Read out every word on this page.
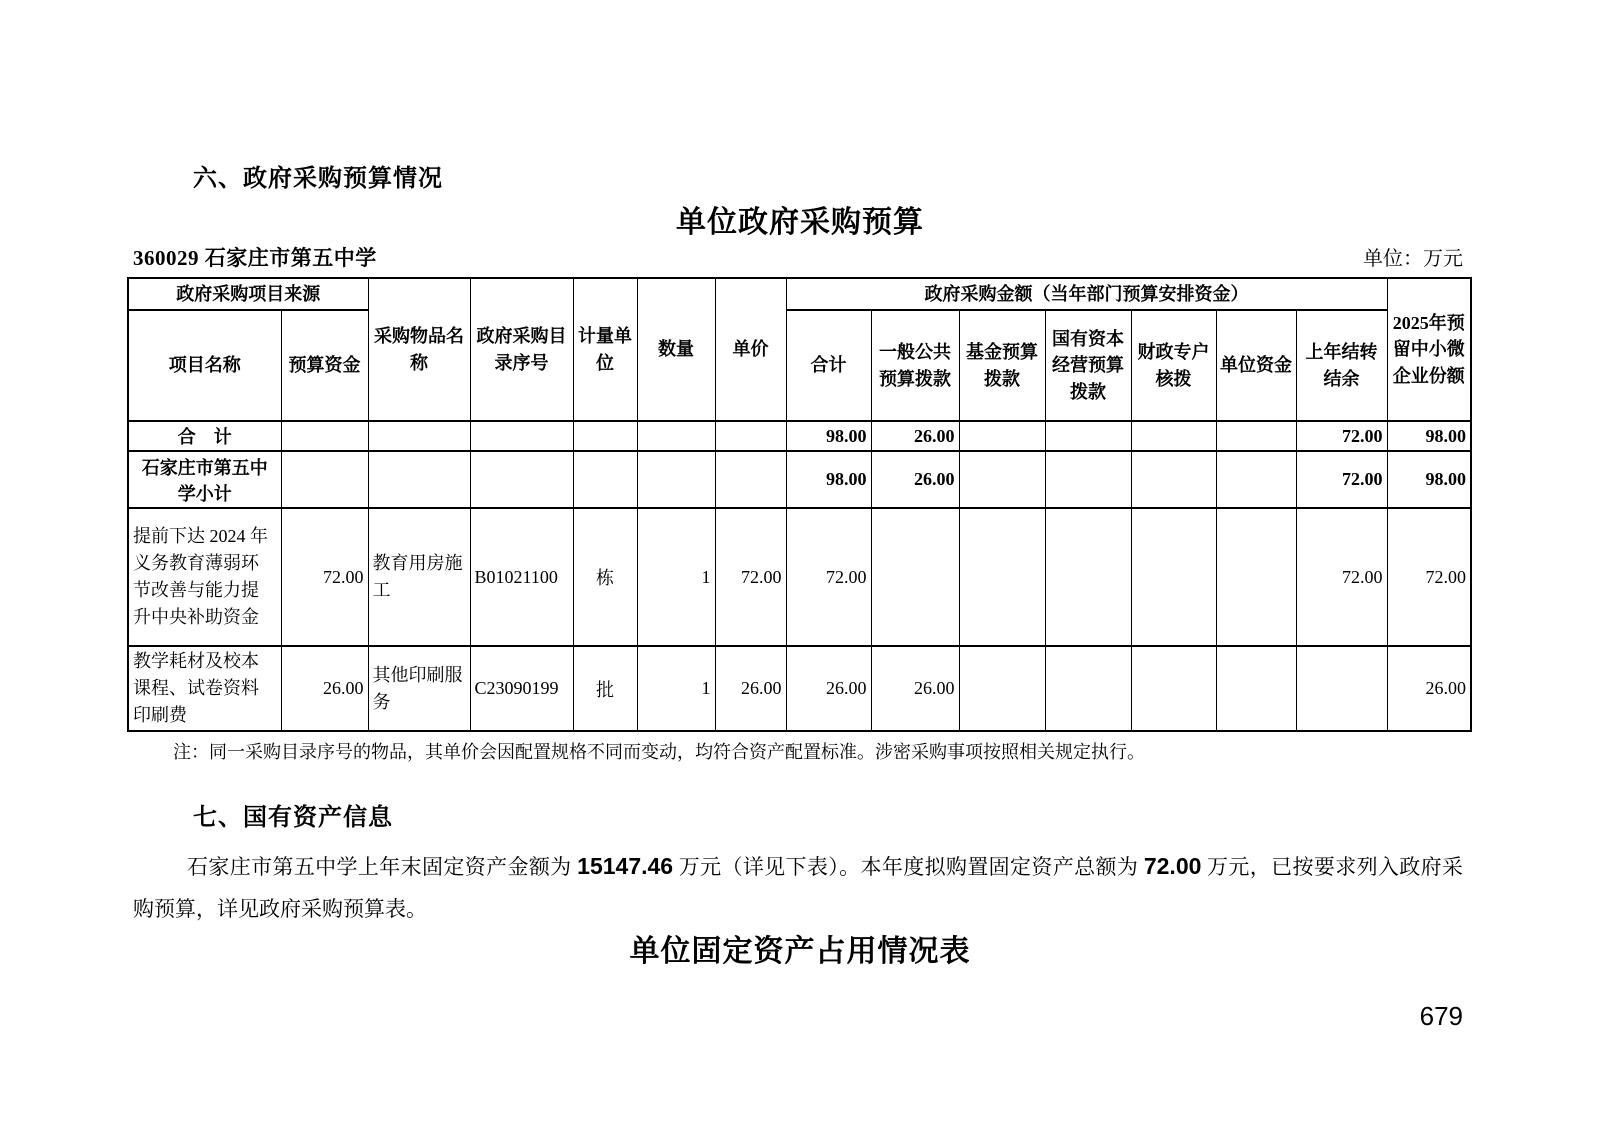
六、政府采购预算情况
单位政府采购预算
360029 石家庄市第五中学	单位：万元
政府采购项目来源		采购物品名称	政府采购目录序号	计量单位	数量	单价	政府采购金额（当年部门预算安排资金）							2025年预留中小微企业份额
项目名称	预算资金						合计	一般公共预算拨款	基金预算拨款	国有资本经营预算拨款	财政专户核拨	单位资金	上年结转结余	
合　计							98.00	26.00					72.00	98.00
石家庄市第五中学小计							98.00	26.00					72.00	98.00
提前下达 2024 年义务教育薄弱环节改善与能力提升中央补助资金	72.00	教育用房施工	B01021100	栋	1	72.00	72.00						72.00	72.00
教学耗材及校本课程、试卷资料印刷费	26.00	其他印刷服务	C23090199	批	1	26.00	26.00	26.00						26.00
注：同一采购目录序号的物品，其单价会因配置规格不同而变动，均符合资产配置标准。涉密采购事项按照相关规定执行。
七、国有资产信息
石家庄市第五中学上年末固定资产金额为 15147.46 万元（详见下表）。本年度拟购置固定资产总额为 72.00 万元，已按要求列入政府采购预算，详见政府采购预算表。
单位固定资产占用情况表
679
